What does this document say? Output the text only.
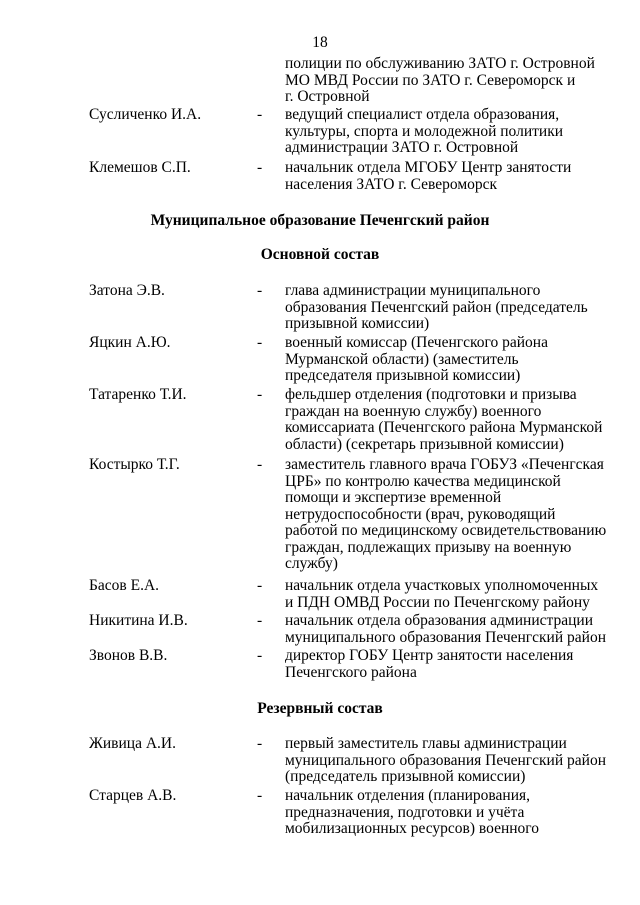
18
полиции по обслуживанию ЗАТО г. Островной
МО МВД России по ЗАТО г. Североморск и
г. Островной
Сусличенко И.А.	- ведущий специалист отдела образования,
культуры, спорта и молодежной политики
администрации ЗАТО г. Островной
Клемешов С.П.	- начальник отдела МГОБУ Центр занятости
населения ЗАТО г. Североморск
Муниципальное образование Печенгский район
Основной состав
Затона Э.В.	- глава администрации муниципального
образования Печенгский район (председатель
призывной комиссии)
Яцкин А.Ю.	- военный комиссар (Печенгского района
Мурманской области) (заместитель
председателя призывной комиссии)
Татаренко Т.И.	- фельдшер отделения (подготовки и призыва
граждан на военную службу) военного
комиссариата (Печенгского района Мурманской
области) (секретарь призывной комиссии)
Костырко Т.Г.	- заместитель главного врача ГОБУЗ «Печенгская
ЦРБ» по контролю качества медицинской
помощи и экспертизе временной
нетрудоспособности (врач, руководящий
работой по медицинскому освидетельствованию
граждан, подлежащих призыву на военную
службу)
Басов Е.А.	- начальник отдела участковых уполномоченных
и ПДН ОМВД России по Печенгскому району
Никитина И.В.	- начальник отдела образования администрации
муниципального образования Печенгский район
Звонов В.В.	- директор ГОБУ Центр занятости населения
Печенгского района
Резервный состав
Живица А.И.	- первый заместитель главы администрации
муниципального образования Печенгский район
(председатель призывной комиссии)
Старцев А.В.	- начальник отделения (планирования,
предназначения, подготовки и учёта
мобилизационных ресурсов) военного
